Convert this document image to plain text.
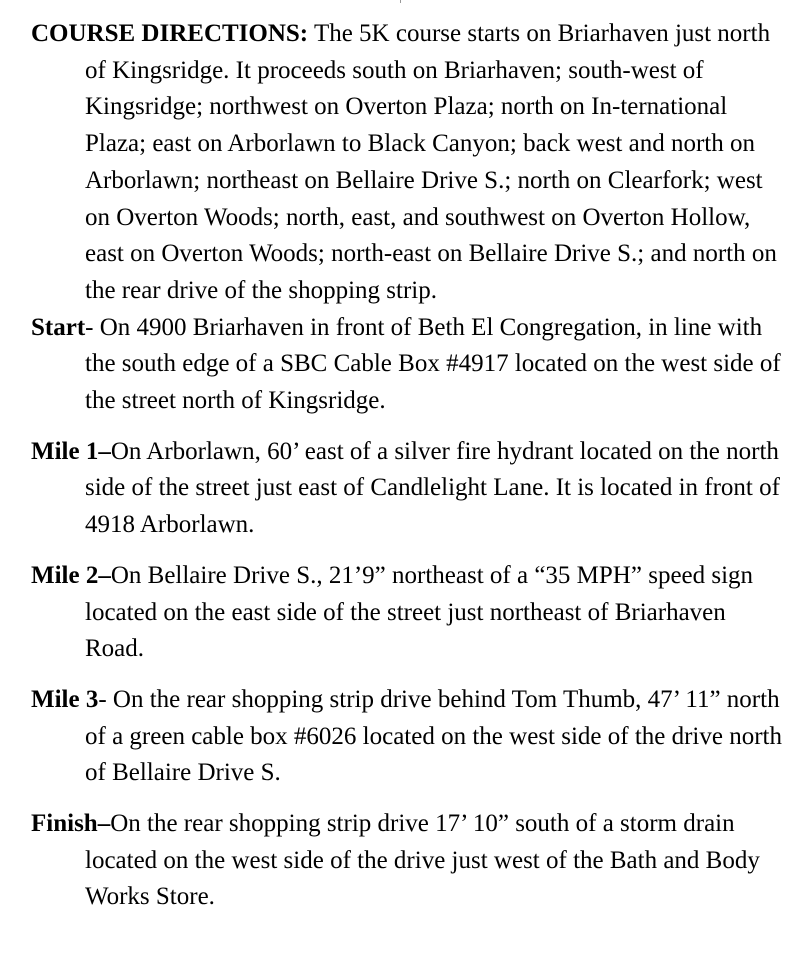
COURSE DIRECTIONS: The 5K course starts on Briarhaven just north of Kingsridge. It proceeds south on Briarhaven; south-west of Kingsridge; northwest on Overton Plaza; north on In-ternational Plaza; east on Arborlawn to Black Canyon; back west and north on Arborlawn; northeast on Bellaire Drive S.; north on Clearfork; west on Overton Woods; north, east, and southwest on Overton Hollow, east on Overton Woods; north-east on Bellaire Drive S.; and north on the rear drive of the shopping strip.

Start- On 4900 Briarhaven in front of Beth El Congregation, in line with the south edge of a SBC Cable Box #4917 located on the west side of the street north of Kingsridge.

Mile 1–On Arborlawn, 60’ east of a silver fire hydrant located on the north side of the street just east of Candlelight Lane. It is located in front of 4918 Arborlawn.

Mile 2–On Bellaire Drive S., 21’9” northeast of a “35 MPH” speed sign located on the east side of the street just northeast of Briarhaven Road.

Mile 3- On the rear shopping strip drive behind Tom Thumb, 47’ 11” north of a green cable box #6026 located on the west side of the drive north of Bellaire Drive S.

Finish–On the rear shopping strip drive 17’ 10” south of a storm drain located on the west side of the drive just west of the Bath and Body Works Store.
